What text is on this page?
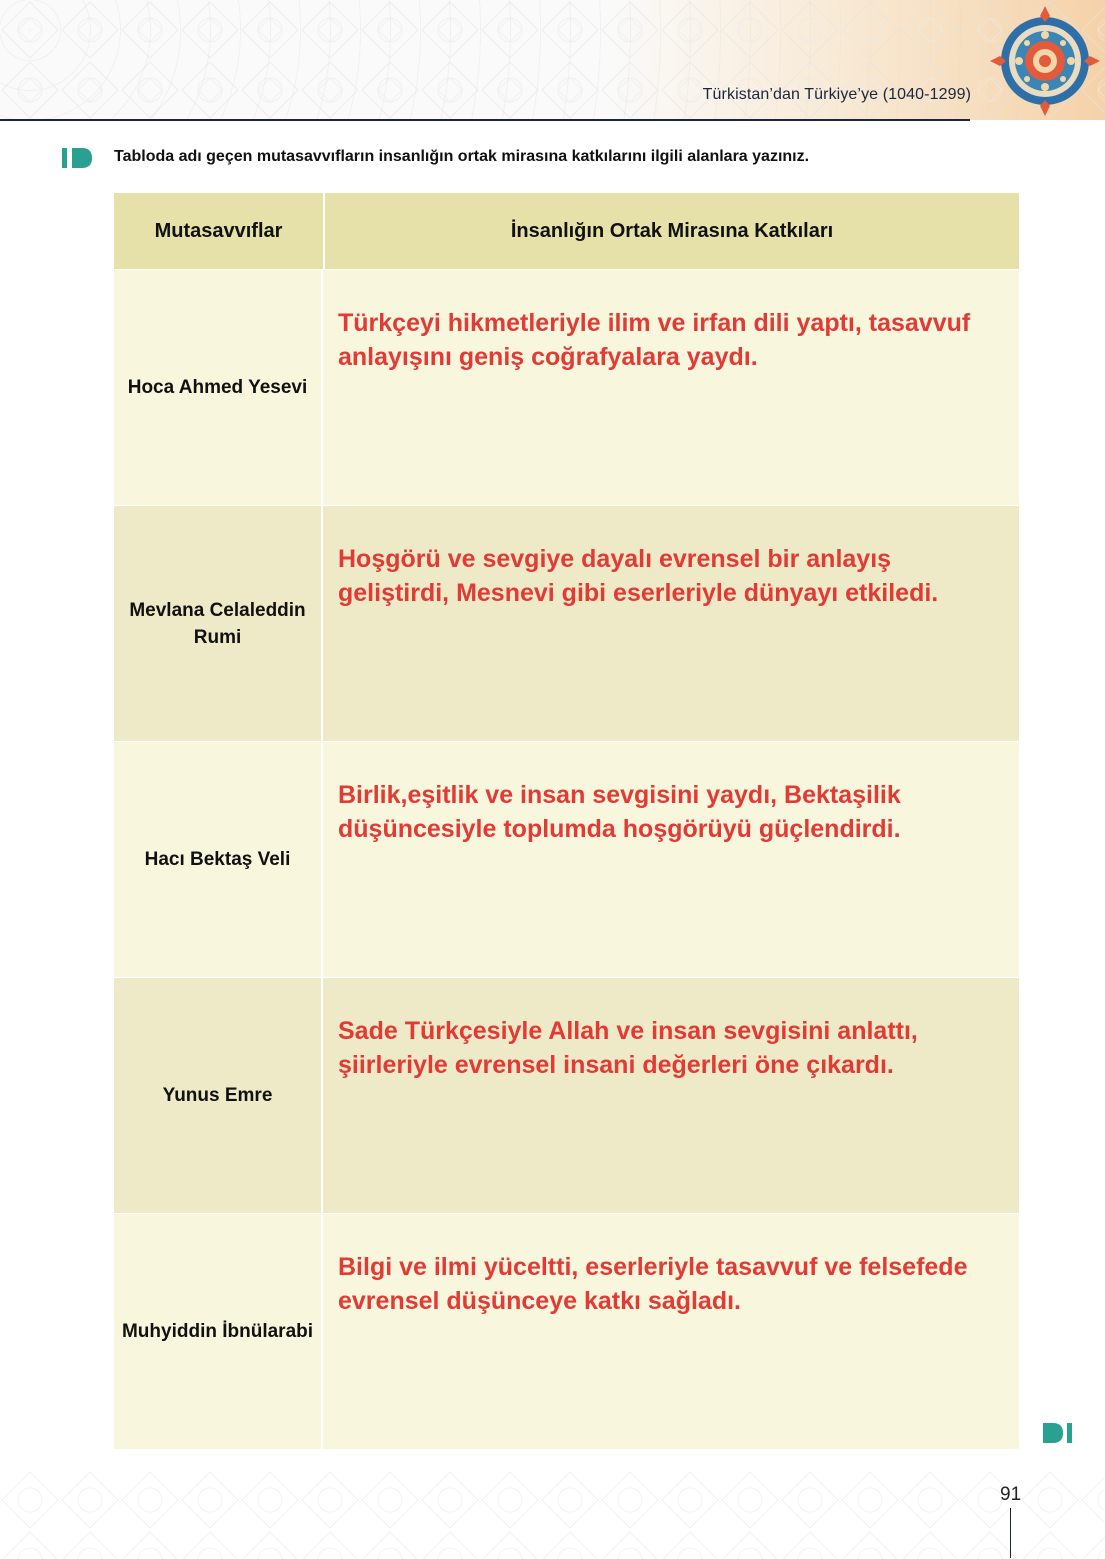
Türkistan’dan Türkiye’ye (1040-1299)
Tabloda adı geçen mutasavvıfların insanlığın ortak mirasına katkılarını ilgili alanlara yazınız.
Mutasavvıflar	İnsanlığın Ortak Mirasına Katkıları
Hoca Ahmed Yesevi
Türkçeyi hikmetleriyle ilim ve irfan dili yaptı, tasavvuf anlayışını geniş coğrafyalara yaydı.
Mevlana Celaleddin Rumi
Hoşgörü ve sevgiye dayalı evrensel bir anlayış geliştirdi, Mesnevi gibi eserleriyle dünyayı etkiledi.
Hacı Bektaş Veli
Birlik,eşitlik ve insan sevgisini yaydı, Bektaşilik düşüncesiyle toplumda hoşgörüyü güçlendirdi.
Yunus Emre
Sade Türkçesiyle Allah ve insan sevgisini anlattı, şiirleriyle evrensel insani değerleri öne çıkardı.
Muhyiddin İbnülarabi
Bilgi ve ilmi yüceltti, eserleriyle tasavvuf ve felsefede evrensel düşünceye katkı sağladı.
91
